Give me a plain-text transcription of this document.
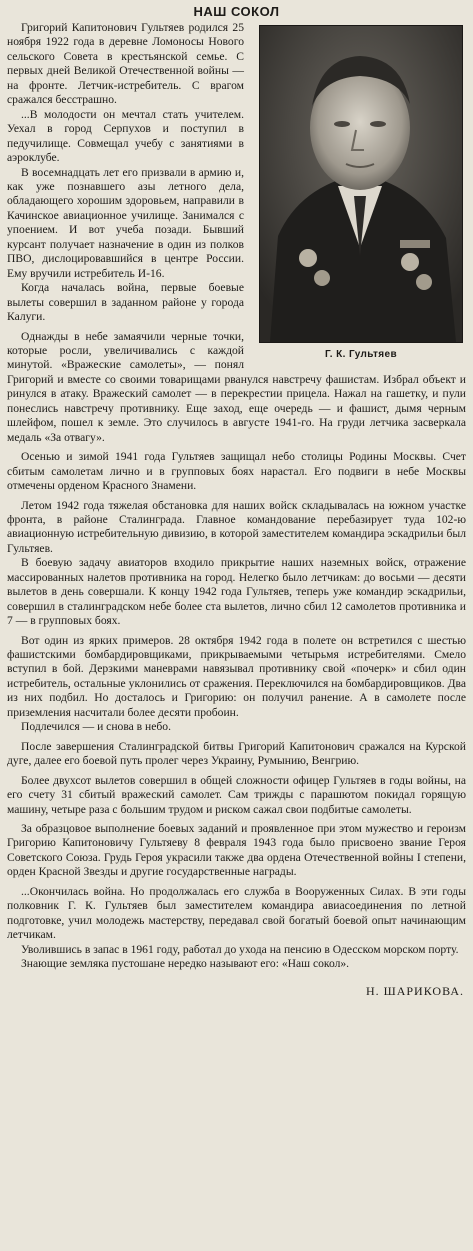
НАШ СОКОЛ
Г. К. Гультяев

Григорий Капитонович Гультяев родился 25 ноября 1922 года в деревне Ломоносы Нового сельского Совета в крестьянской семье. С первых дней Великой Отечественной войны — на фронте. Летчик-истребитель. С врагом сражался бесстрашно.

...В молодости он мечтал стать учителем. Уехал в город Серпухов и поступил в педучилище. Совмещал учебу с занятиями в аэроклубе.

В восемнадцать лет его призвали в армию и, как уже познавшего азы летного дела, обладающего хорошим здоровьем, направили в Качинское авиационное училище. Занимался с упоением. И вот учеба позади. Бывший курсант получает назначение в один из полков ПВО, дислоцировавшийся в центре России. Ему вручили истребитель И-16.

Когда началась война, первые боевые вылеты совершил в заданном районе у города Калуги.

Однажды в небе замаячили черные точки, которые росли, увеличивались с каждой минутой. «Вражеские самолеты», — понял Григорий и вместе со своими товарищами рванулся навстречу фашистам. Избрал объект и ринулся в атаку. Вражеский самолет — в перекрестии прицела. Нажал на гашетку, и пули понеслись навстречу противнику. Еще заход, еще очередь — и фашист, дымя черным шлейфом, пошел к земле. Это случилось в августе 1941-го. На груди летчика засверкала медаль «За отвагу».

Осенью и зимой 1941 года Гультяев защищал небо столицы Родины Москвы. Счет сбитым самолетам лично и в групповых боях нарастал. Его подвиги в небе Москвы отмечены орденом Красного Знамени.

Летом 1942 года тяжелая обстановка для наших войск складывалась на южном участке фронта, в районе Сталинграда. Главное командование перебазирует туда 102-ю авиационную истребительную дивизию, в которой заместителем командира эскадрильи был Гультяев.

В боевую задачу авиаторов входило прикрытие наших наземных войск, отражение массированных налетов противника на город. Нелегко было летчикам: до восьми — десяти вылетов в день совершали. К концу 1942 года Гультяев, теперь уже командир эскадрильи, совершил в сталинградском небе более ста вылетов, лично сбил 12 самолетов противника и 7 — в групповых боях.

Вот один из ярких примеров. 28 октября 1942 года в полете он встретился с шестью фашистскими бомбардировщиками, прикрываемыми четырьмя истребителями. Смело вступил в бой. Дерзкими маневрами навязывал противнику свой «почерк» и сбил один истребитель, остальные уклонились от сражения. Переключился на бомбардировщиков. Два из них подбил. Но досталось и Григорию: он получил ранение. А в самолете после приземления насчитали более десяти пробоин.

Подлечился — и снова в небо.

После завершения Сталинградской битвы Григорий Капитонович сражался на Курской дуге, далее его боевой путь пролег через Украину, Румынию, Венгрию.

Более двухсот вылетов совершил в общей сложности офицер Гультяев в годы войны, на его счету 31 сбитый вражеский самолет. Сам трижды с парашютом покидал горящую машину, четыре раза с большим трудом и риском сажал свои подбитые самолеты.

За образцовое выполнение боевых заданий и проявленное при этом мужество и героизм Григорию Капитоновичу Гультяеву 8 февраля 1943 года было присвоено звание Героя Советского Союза. Грудь Героя украсили также два ордена Отечественной войны I степени, орден Красной Звезды и другие государственные награды.

...Окончилась война. Но продолжалась его служба в Вооруженных Силах. В эти годы полковник Г. К. Гультяев был заместителем командира авиасоединения по летной подготовке, учил молодежь мастерству, передавал свой богатый боевой опыт начинающим летчикам.

Уволившись в запас в 1961 году, работал до ухода на пенсию в Одесском морском порту.

Знающие земляка пустошане нередко называют его: «Наш сокол».

Н. ШАРИКОВА.
